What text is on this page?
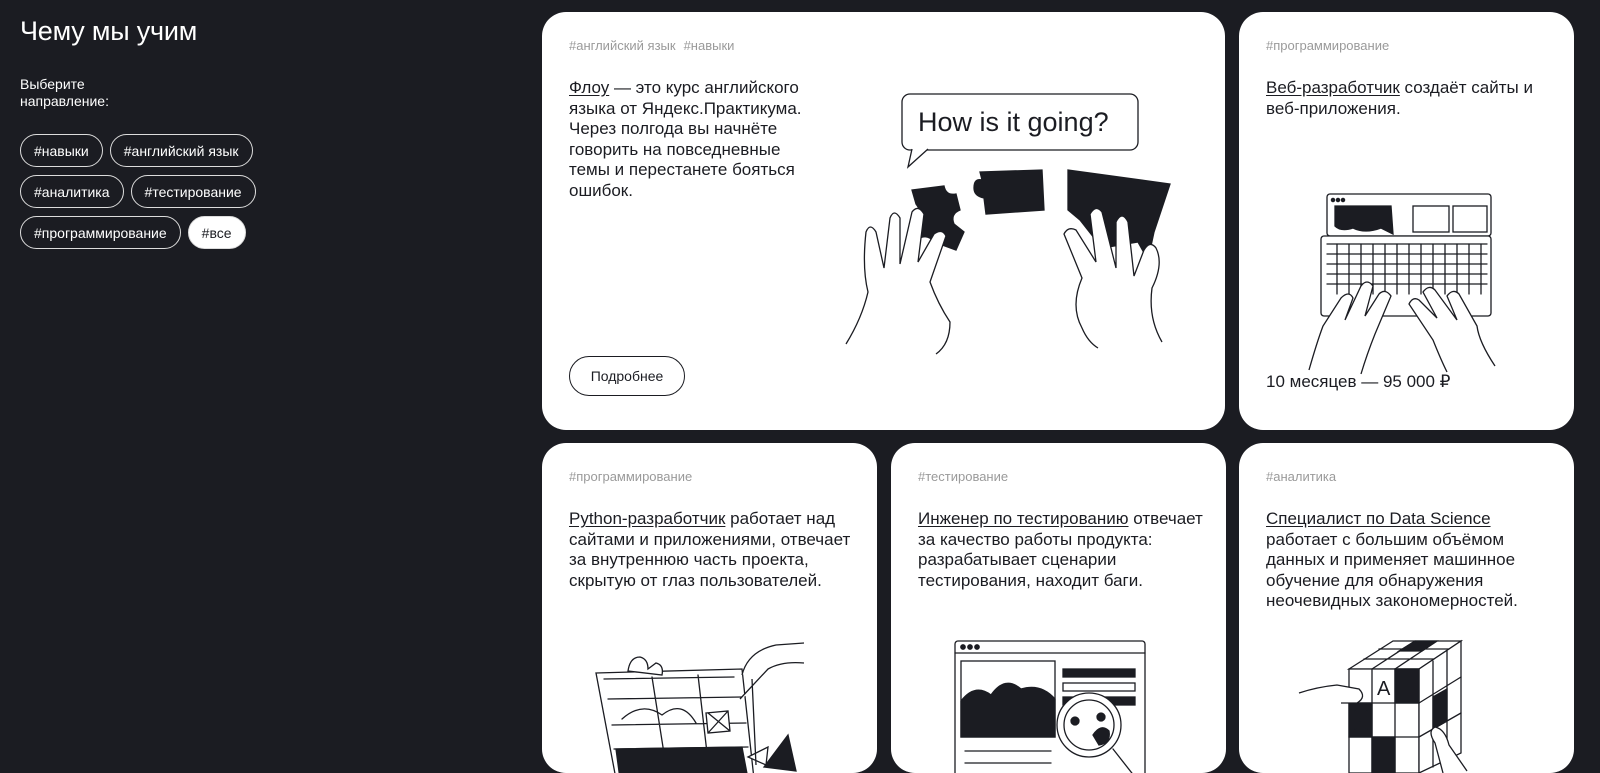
Чему мы учим
Выберите направление:
#навыки	#английский язык
#аналитика	#тестирование
#программирование	#все
#английский язык #навыки
Флоу — это курс английского языка от Яндекс.Практикума. Через полгода вы начнёте говорить на повседневные темы и перестанете бояться ошибок.
How is it going?
Подробнее
#программирование
Веб-разработчик создаёт сайты и веб-приложения.
10 месяцев — 95 000 ₽
#программирование
Python-разработчик работает над сайтами и приложениями, отвечает за внутреннюю часть проекта, скрытую от глаз пользователей.
#тестирование
Инженер по тестированию отвечает за качество работы продукта: разрабатывает сценарии тестирования, находит баги.
#аналитика
Специалист по Data Science работает с большим объёмом данных и применяет машинное обучение для обнаружения неочевидных закономерностей.
A
